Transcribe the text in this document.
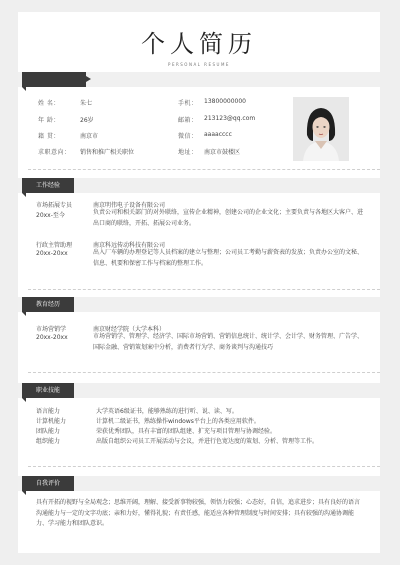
个人简历
PERSONAL RESUME
姓 名：	朱七
年 龄：	26岁
籍 贯：	南京市
求职意向： 销售和推广相关职位
手机： 13800000000
邮箱： 213123@qq.com
微信： aaaacccc
地址： 南京市鼓楼区
工作经验
市场拓展专员
20xx-至今
南京明伟电子设备有限公司
负责公司和相关部门的对外联络，宣传企业精神，创建公司的企业文化；主要负责与各地区大客户、进出口商的联络，开拓、拓展公司业务。
行政主管助理
20xx-20xx
南京科远传动科技有限公司
出入厂车辆的办理登记等人员档案的建立与整理；公司员工考勤与薪资表的发放；负责办公室的文秘、信息、机要和保密工作与档案的整理工作。
教育经历
市场营销学
20xx-20xx
南京财经学院（大学本科）
市场营销学、管理学、经济学、国际市场营销、营销信息统计、统计学、会计学、财务管理、广告学、国际金融、营销策划案中分析，消费者行为学、商务谈判与沟通技巧
职业技能
语言能力	大学英语6级证书，能够熟练的进行听、说、读、写。
计算机能力	计算机二级证书，熟练操作windows平台上的各类应用软件。
团队能力	荣获优秀团队，具有丰富的团队组建、扩充与项目管理与协调经验。
组织能力	出版自组织公司员工开展活动与会议，并进行色宽达度的策划、分析、管理等工作。
自我评价
具有开拓的视野与全局观念；思维开阔，理解、接受新事物较强，领悟力较强；心态好，自信，追求进步；具有良好的语言沟通能力与一定的文字功底；亲和力好，懂得礼貌；有责任感，能适应各种管理制度与时间安排；具有较强的沟通协调能力、学习能力和团队意识。
